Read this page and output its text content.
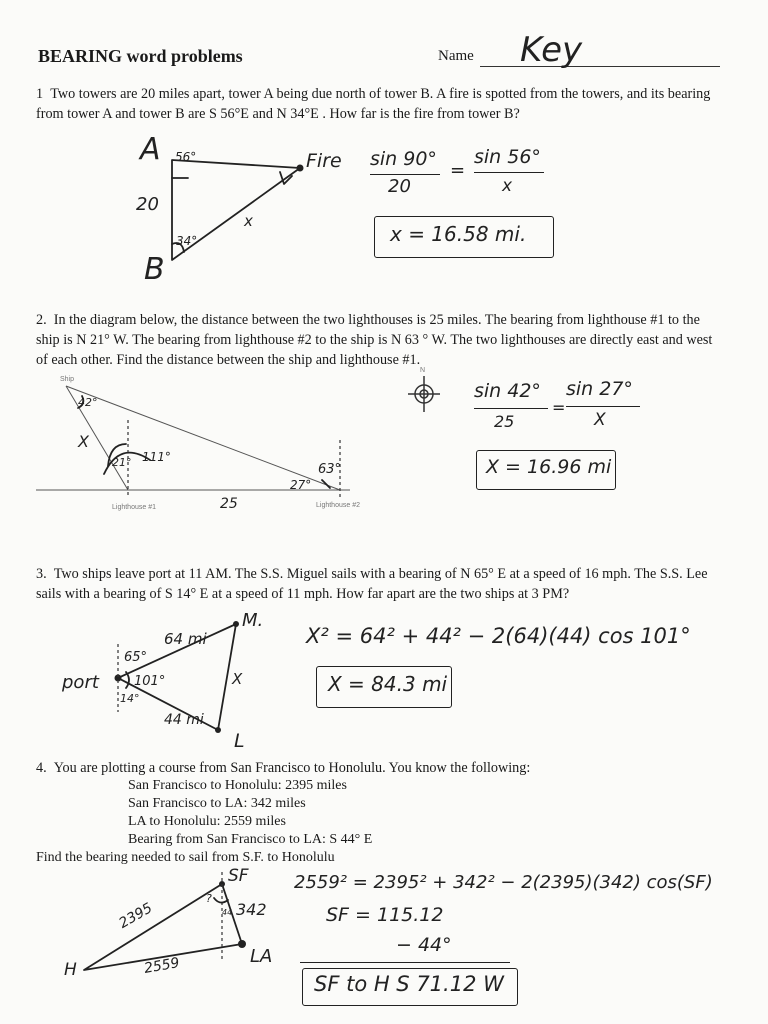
BEARING word problems	Name Key

1 Two towers are 20 miles apart, tower A being due north of tower B. A fire is spotted from the towers, and its bearing from tower A and tower B are S 56°E and N 34°E . How far is the fire from tower B?

A
B
Fire
20
56°
34°
x
sin 90°
20
=
sin 56°
x
x = 16.58 mi.

2. In the diagram below, the distance between the two lighthouses is 25 miles. The bearing from lighthouse #1 to the ship is N 21° W. The bearing from lighthouse #2 to the ship is N 63 ° W. The two lighthouses are directly east and west of each other. Find the distance between the ship and lighthouse #1.

Ship
Lighthouse #1	Lighthouse #2
N
42°
21° 111°
63°
27°
25
X
sin 42°
25
=
sin 27°
X
X = 16.96 mi

3. Two ships leave port at 11 AM. The S.S. Miguel sails with a bearing of N 65° E at a speed of 16 mph. The S.S. Lee sails with a bearing of S 14° E at a speed of 11 mph. How far apart are the two ships at 3 PM?

port
M.
L
64 mi
44 mi
65°
101°
14°
X
X² = 64² + 44² − 2(64)(44) cos 101°
X = 84.3 mi

4. You are plotting a course from San Francisco to Honolulu. You know the following:

San Francisco to Honolulu: 2395 miles
San Francisco to LA: 342 miles
LA to Honolulu: 2559 miles
Bearing from San Francisco to LA: S 44° E
Find the bearing needed to sail from S.F. to Honolulu
SF
H
LA
2395
2559
342
44
?
2559² = 2395² + 342² − 2(2395)(342) cos(SF)
SF = 115.12
− 44°
SF to H S 71.12 W
